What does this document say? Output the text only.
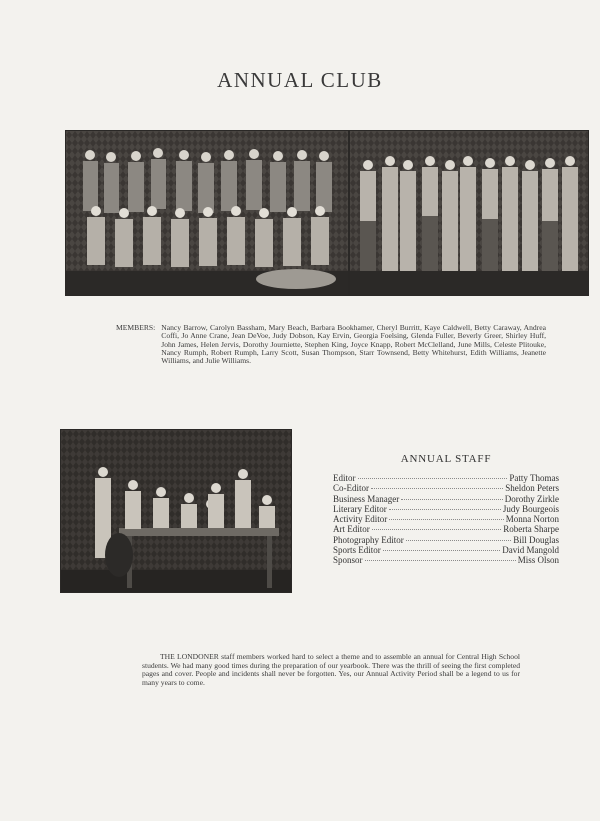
ANNUAL CLUB
MEMBERS: Nancy Barrow, Carolyn Bassham, Mary Beach, Barbara Bookhamer, Cheryl Burritt, Kaye Caldwell, Betty Caraway, Andrea Coffi, Jo Anne Crane, Jean DeVoe, Judy Dobson, Kay Ervin, Georgia Foelsing, Glenda Fuller, Beverly Greer, Shirley Huff, John James, Helen Jervis, Dorothy Journiette, Stephen King, Joyce Knapp, Robert McClelland, June Mills, Celeste Plitouke, Nancy Rumph, Robert Rumph, Larry Scott, Susan Thompson, Starr Townsend, Betty Whitehurst, Edith Williams, Jeanette Williams, and Julie Williams.
ANNUAL STAFF
Editor	Patty Thomas
Co-Editor	Sheldon Peters
Business Manager	Dorothy Zirkle
Literary Editor	Judy Bourgeois
Activity Editor	Monna Norton
Art Editor	Roberta Sharpe
Photography Editor	Bill Douglas
Sports Editor	David Mangold
Sponsor	Miss Olson

THE LONDONER staff members worked hard to select a theme and to assemble an annual for Central High School students. We had many good times during the preparation of our yearbook. There was the thrill of seeing the first completed pages and cover. People and incidents shall never be forgotten. Yes, our Annual Activity Period shall be a legend to us for many years to come.
